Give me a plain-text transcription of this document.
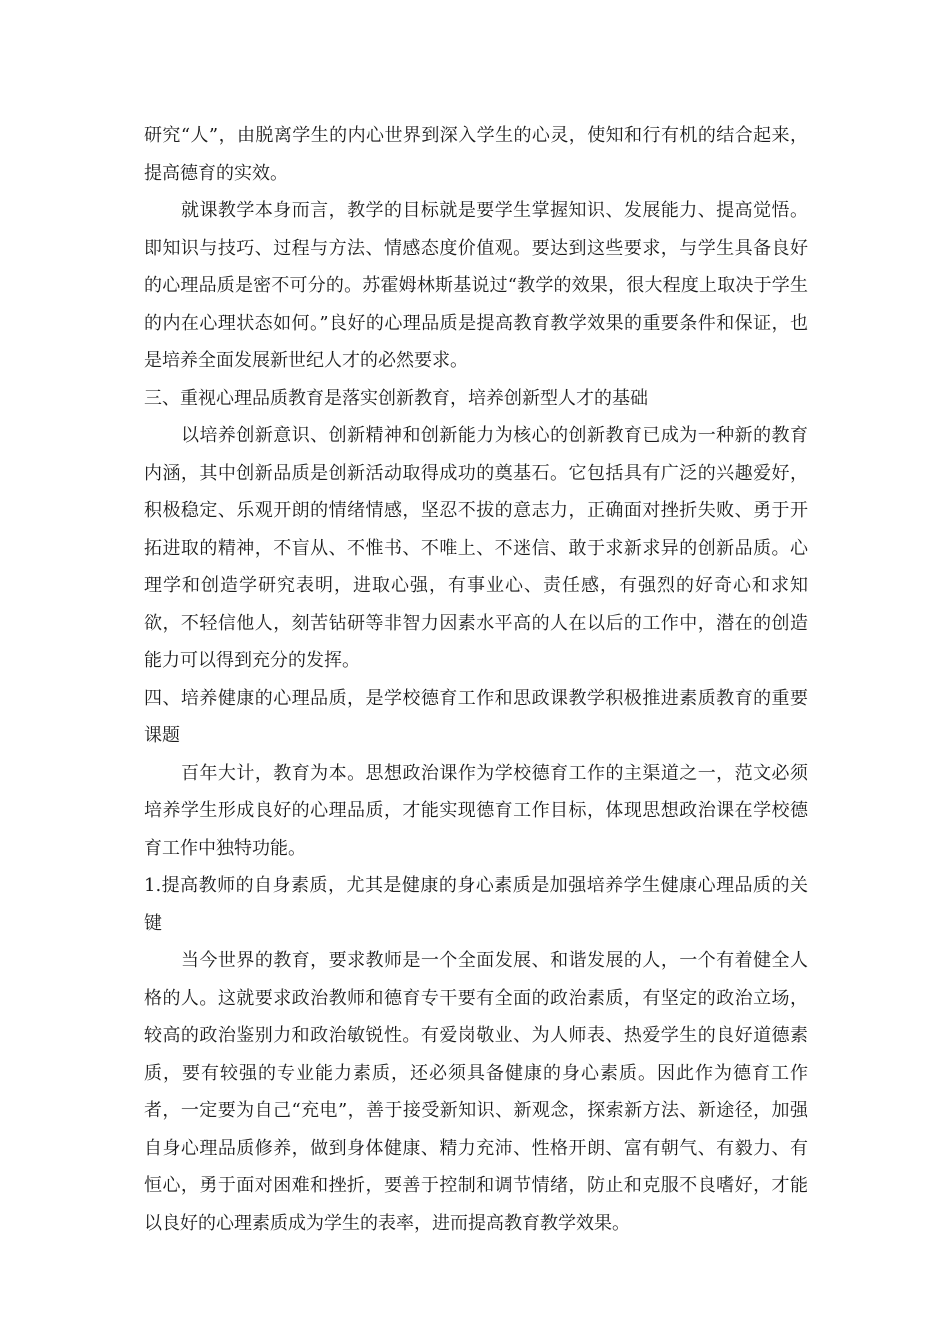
研究“人”，由脱离学生的内心世界到深入学生的心灵，使知和行有机的结合起来，提高德育的实效。

就课教学本身而言，教学的目标就是要学生掌握知识、发展能力、提高觉悟。即知识与技巧、过程与方法、情感态度价值观。要达到这些要求，与学生具备良好的心理品质是密不可分的。苏霍姆林斯基说过“教学的效果，很大程度上取决于学生的内在心理状态如何。”良好的心理品质是提高教育教学效果的重要条件和保证，也是培养全面发展新世纪人才的必然要求。

三、重视心理品质教育是落实创新教育，培养创新型人才的基础

以培养创新意识、创新精神和创新能力为核心的创新教育已成为一种新的教育内涵，其中创新品质是创新活动取得成功的奠基石。它包括具有广泛的兴趣爱好，积极稳定、乐观开朗的情绪情感，坚忍不拔的意志力，正确面对挫折失败、勇于开拓进取的精神，不盲从、不惟书、不唯上、不迷信、敢于求新求异的创新品质。心理学和创造学研究表明，进取心强，有事业心、责任感，有强烈的好奇心和求知欲，不轻信他人，刻苦钻研等非智力因素水平高的人在以后的工作中，潜在的创造能力可以得到充分的发挥。

四、培养健康的心理品质，是学校德育工作和思政课教学积极推进素质教育的重要课题

百年大计，教育为本。思想政治课作为学校德育工作的主渠道之一，范文必须培养学生形成良好的心理品质，才能实现德育工作目标，体现思想政治课在学校德育工作中独特功能。

1.提高教师的自身素质，尤其是健康的身心素质是加强培养学生健康心理品质的关键

当今世界的教育，要求教师是一个全面发展、和谐发展的人，一个有着健全人格的人。这就要求政治教师和德育专干要有全面的政治素质，有坚定的政治立场，较高的政治鉴别力和政治敏锐性。有爱岗敬业、为人师表、热爱学生的良好道德素质，要有较强的专业能力素质，还必须具备健康的身心素质。因此作为德育工作者，一定要为自己“充电”，善于接受新知识、新观念，探索新方法、新途径，加强自身心理品质修养，做到身体健康、精力充沛、性格开朗、富有朝气、有毅力、有恒心，勇于面对困难和挫折，要善于控制和调节情绪，防止和克服不良嗜好，才能以良好的心理素质成为学生的表率，进而提高教育教学效果。
